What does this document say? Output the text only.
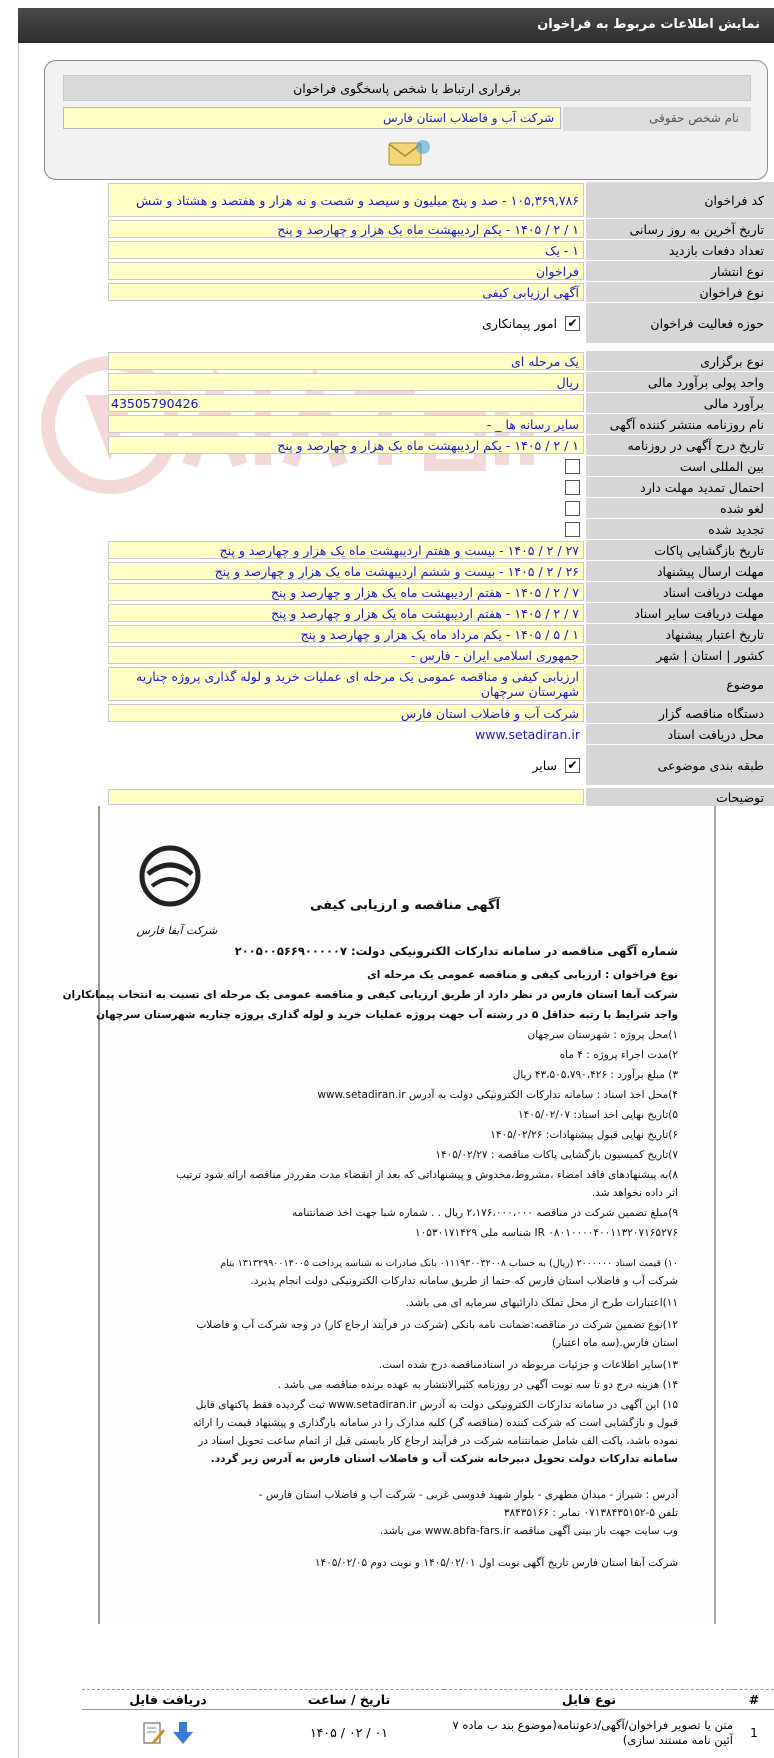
نمایش اطلاعات مربوط به فراخوان
برقراری ارتباط با شخص پاسخگوی فراخوان
نام شخص حقوقی
شرکت آب و فاضلاب استان فارس
کد فراخوان
۱۰۵,۳۶۹,۷۸۶ - صد و پنج میلیون و سیصد و شصت و نه هزار و هفتصد و هشتاد و شش
تاریخ آخرین به روز رسانی
۱ / ۲ / ۱۴۰۵ - یکم اردیبهشت ماه یک هزار و چهارصد و پنج
تعداد دفعات بازدید
۱ - یک
نوع انتشار
فراخوان
نوع فراخوان
آگهی ارزیابی کیفی
حوزه فعالیت فراخوان
✔
امور پیمانکاری
نوع برگزاری
یک مرحله ای
واحد پولی برآورد مالی
ریال
برآورد مالی
43505790426
نام روزنامه منتشر کننده آگهی
سایر رسانه ها _ -
تاریخ درج آگهی در روزنامه
۱ / ۲ / ۱۴۰۵ - یکم اردیبهشت ماه یک هزار و چهارصد و پنج
بین المللی است
احتمال تمدید مهلت دارد
لغو شده
تجدید شده
تاریخ بازگشایی پاکات
۲۷ / ۲ / ۱۴۰۵ - بیست و هفتم اردیبهشت ماه یک هزار و چهارصد و پنج
مهلت ارسال پیشنهاد
۲۶ / ۲ / ۱۴۰۵ - بیست و ششم اردیبهشت ماه یک هزار و چهارصد و پنج
مهلت دریافت اسناد
۷ / ۲ / ۱۴۰۵ - هفتم اردیبهشت ماه یک هزار و چهارصد و پنج
مهلت دریافت سایر اسناد
۷ / ۲ / ۱۴۰۵ - هفتم اردیبهشت ماه یک هزار و چهارصد و پنج
تاریخ اعتبار پیشنهاد
۱ / ۵ / ۱۴۰۵ - یکم مرداد ماه یک هزار و چهارصد و پنج
کشور | استان | شهر
جمهوری اسلامی ایران - فارس -
موضوع
ارزیابی کیفی و مناقصه عمومی یک مرحله ای عملیات خرید و لوله گذاری پروژه چناریه شهرستان سرچهان
دستگاه مناقصه گزار
شرکت آب و فاضلاب استان فارس
محل دریافت اسناد
www.setadiran.ir
طبقه بندی موضوعی
✔
سایر
توضیحات
شرکت آبفا فارس
آگهی مناقصه و ارزیابی کیفی
شماره آگهی مناقصه در سامانه تدارکات الکترونیکی دولت: ۲۰۰۵۰۰۵۶۶۹۰۰۰۰۰۷
نوع فراخوان : ارزیابی کیفی و مناقصه عمومی یک مرحله ای
شرکت آبفا استان فارس در نظر دارد از طریق ارزیابی کیفی و مناقصه عمومی یک مرحله ای نسبت به انتخاب پیمانکاران
واجد شرایط با رتبه حداقل ۵ در رشته آب جهت پروژه عملیات خرید و لوله گذاری پروژه چناریه شهرستان سرچهان
۱)محل پروژه : شهرستان سرچهان
۲)مدت اجراء پروژه : ۴ ماه
۳) مبلغ برآورد : ۴۳،۵۰۵،۷۹۰،۴۲۶ ریال
۴)محل اخذ اسناد : سامانه تدارکات الکترونیکی دولت به آدرس www.setadiran.ir
۵)تاریخ نهایی اخذ اسناد: ۱۴۰۵/۰۲/۰۷
۶)تاریخ نهایی قبول پیشنهادات: ۱۴۰۵/۰۲/۲۶
۷)تاریخ کمیسیون بازگشایی پاکات مناقصه : ۱۴۰۵/۰۲/۲۷
۸)به پیشنهادهای فاقد امضاء ،مشروط،مخدوش و پیشنهاداتی که بعد از انقضاء مدت مقرردر مناقصه ارائه شود ترتیب
اثر داده نخواهد شد.
۹)مبلغ تضمین شرکت در مناقصه ۲،۱۷۶،۰۰۰،۰۰۰ ریال . . شماره شبا جهت اخذ ضمانتنامه
IR ۰۸۰۱۰۰۰۰۴۰۰۱۱۳۲۰۷۱۶۵۲۷۶ شناسه ملی ۱۰۵۳۰۱۷۱۴۲۹
۱۰) قیمت اسناد ۲۰۰۰۰۰۰ (ریال) به حساب ۰۱۱۱۹۳۰۰۳۲۰۰۸ بانک صادرات به شناسه پرداخت ۱۳۱۳۲۹۹۰۰۱۴۰۰۵ بنام
شرکت آب و فاضلاب استان فارس که حتما از طریق سامانه تدارکات الکترونیکی دولت انجام پذیرد.
۱۱)اعتبارات طرح از محل تملک دارائیهای سرمایه ای می باشد.
۱۲)نوع تضمین شرکت در مناقصه:ضمانت نامه بانکی (شرکت در فرآیند ارجاع کار) در وجه شرکت آب و فاضلاب
استان فارس.(سه ماه اعتبار)
۱۳)سایر اطلاعات و جزئیات مربوطه در اسنادمناقصه درج شده است.
۱۴) هزینه درج دو تا سه نوبت آگهی در روزنامه کثیرالانتشار به عهده برنده مناقصه می باشد .
۱۵) این آگهی در سامانه تدارکات الکترونیکی دولت به آدرس www.setadiran.ir ثبت گردیده فقط پاکتهای قابل
قبول و بازگشایی است که شرکت کننده (مناقصه گر) کلیه مدارک را در سامانه بارگذاری و پیشنهاد قیمت را ارائه
نموده باشد، پاکت الف شامل ضمانتنامه شرکت در فرآیند ارجاع کار بایستی قبل از اتمام ساعت تحویل اسناد در
سامانه تدارکات دولت تحویل دبیرخانه شرکت آب و فاضلاب استان فارس به آدرس زیر گردد.
آدرس : شیراز - میدان مطهری - بلوار شهید قدوسی غربی - شرکت آب و فاضلاب استان فارس -
تلفن ۵-۰۷۱۳۸۴۳۵۱۵۲ نمابر : ۳۸۴۳۵۱۶۶
وب سایت جهت باز بینی آگهی مناقصه www.abfa-fars.ir می باشد.
شرکت آبفا استان فارس تاریخ آگهی نوبت اول ۱۴۰۵/۰۲/۰۱ و نوبت دوم ۱۴۰۵/۰۲/۰۵
#	نوع فایل	تاریخ / ساعت	دریافت فایل
1	متن یا تصویر فراخوان/آگهی/دعوتنامه(موضوع بند ب ماده ۷ آئین نامه مستند سازی)	۰۱ / ۰۲ / ۱۴۰۵	
